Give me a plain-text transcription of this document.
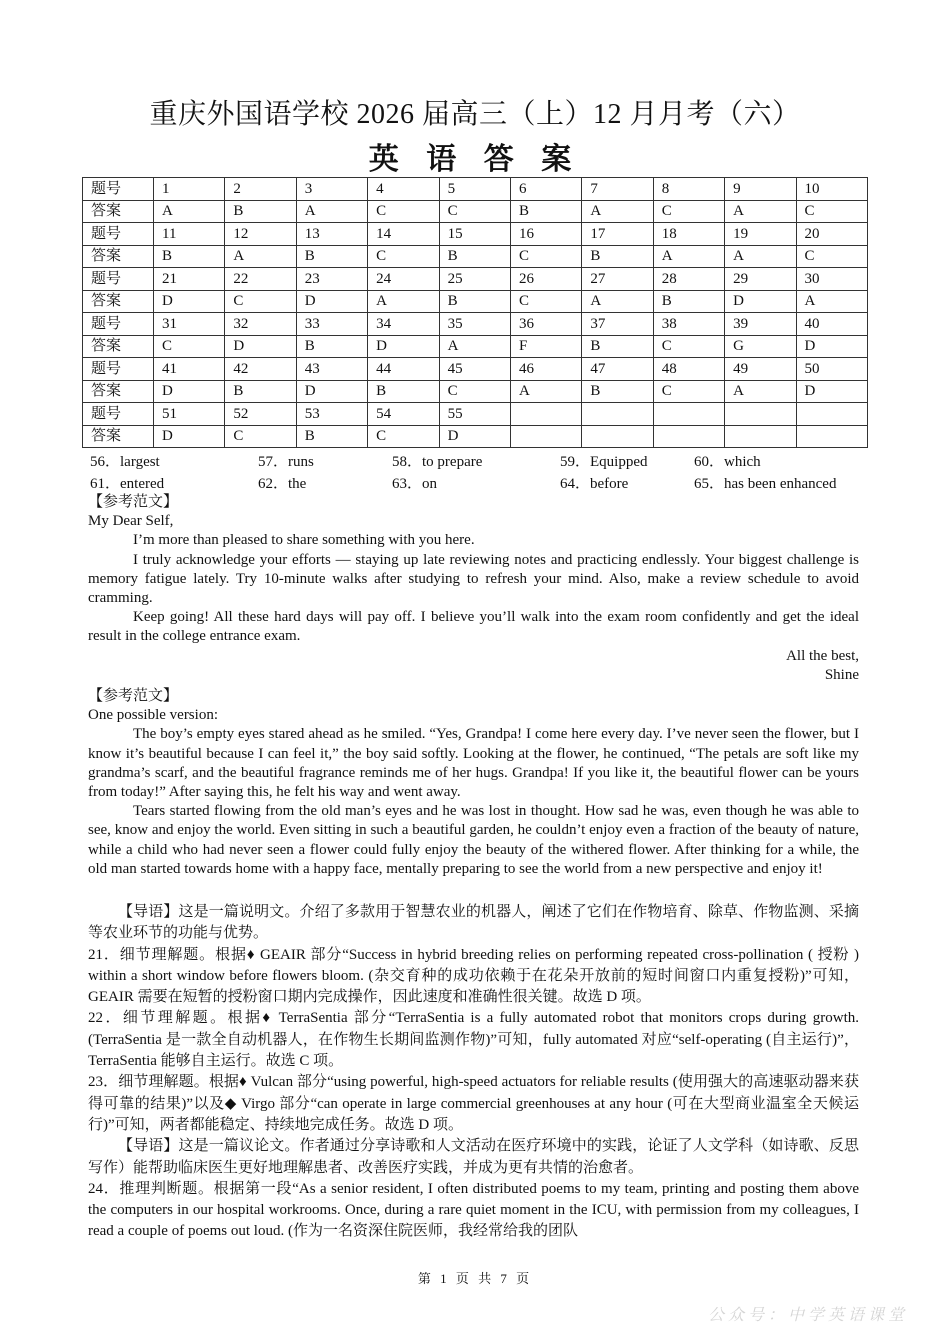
重庆外国语学校 2026 届高三（上）12 月月考（六）
英 语 答 案
题号	1	2	3	4	5	6	7	8	9	10
答案	A	B	A	C	C	B	A	C	A	C
题号	11	12	13	14	15	16	17	18	19	20
答案	B	A	B	C	B	C	B	A	A	C
题号	21	22	23	24	25	26	27	28	29	30
答案	D	C	D	A	B	C	A	B	D	A
题号	31	32	33	34	35	36	37	38	39	40
答案	C	D	B	D	A	F	B	C	G	D
题号	41	42	43	44	45	46	47	48	49	50
答案	D	B	D	B	C	A	B	C	A	D
题号	51	52	53	54	55					
答案	D	C	B	C	D					
56．largest	57．runs	58．to prepare	59．Equipped	60．which
61．entered	62．the	63．on	64．before	65．has been enhanced

【参考范文】

My Dear Self,

I’m more than pleased to share something with you here.

I truly acknowledge your efforts — staying up late reviewing notes and practicing endlessly. Your biggest challenge is memory fatigue lately. Try 10-minute walks after studying to refresh your mind. Also, make a review schedule to avoid cramming.

Keep going! All these hard days will pay off. I believe you’ll walk into the exam room confidently and get the ideal result in the college entrance exam.

All the best,

Shine

【参考范文】

One possible version:

The boy’s empty eyes stared ahead as he smiled. “Yes, Grandpa! I come here every day. I’ve never seen the flower, but I know it’s beautiful because I can feel it,” the boy said softly. Looking at the flower, he continued, “The petals are soft like my grandma’s scarf, and the beautiful fragrance reminds me of her hugs. Grandpa! If you like it, the beautiful flower can be yours from today!” After saying this, he felt his way and went away.

Tears started flowing from the old man’s eyes and he was lost in thought. How sad he was, even though he was able to see, know and enjoy the world. Even sitting in such a beautiful garden, he couldn’t enjoy even a fraction of the beauty of nature, while a child who had never seen a flower could fully enjoy the beauty of the withered flower. After thinking for a while, the old man started towards home with a happy face, mentally preparing to see the world from a new perspective and enjoy it!

【导语】这是一篇说明文。介绍了多款用于智慧农业的机器人，阐述了它们在作物培育、除草、作物监测、采摘等农业环节的功能与优势。

21．细节理解题。根据♦ GEAIR 部分“Success in hybrid breeding relies on performing repeated cross-pollination ( 授粉 ) within a short window before flowers bloom. (杂交育种的成功依赖于在花朵开放前的短时间窗口内重复授粉)”可知，GEAIR 需要在短暂的授粉窗口期内完成操作，因此速度和准确性很关键。故选 D 项。

22．细节理解题。根据♦ TerraSentia 部分“TerraSentia is a fully automated robot that monitors crops during growth. (TerraSentia 是一款全自动机器人，在作物生长期间监测作物)”可知，fully automated 对应“self-operating (自主运行)”，TerraSentia 能够自主运行。故选 C 项。

23．细节理解题。根据♦ Vulcan 部分“using powerful, high-speed actuators for reliable results (使用强大的高速驱动器来获得可靠的结果)”以及◆ Virgo 部分“can operate in large commercial greenhouses at any hour (可在大型商业温室全天候运行)”可知，两者都能稳定、持续地完成任务。故选 D 项。

【导语】这是一篇议论文。作者通过分享诗歌和人文活动在医疗环境中的实践，论证了人文学科（如诗歌、反思写作）能帮助临床医生更好地理解患者、改善医疗实践，并成为更有共情的治愈者。

24．推理判断题。根据第一段“As a senior resident, I often distributed poems to my team, printing and posting them above the computers in our hospital workrooms. Once, during a rare quiet moment in the ICU, with permission from my colleagues, I read a couple of poems out loud. (作为一名资深住院医师，我经常给我的团队

第 1 页 共 7 页
公众号：中学英语课堂
